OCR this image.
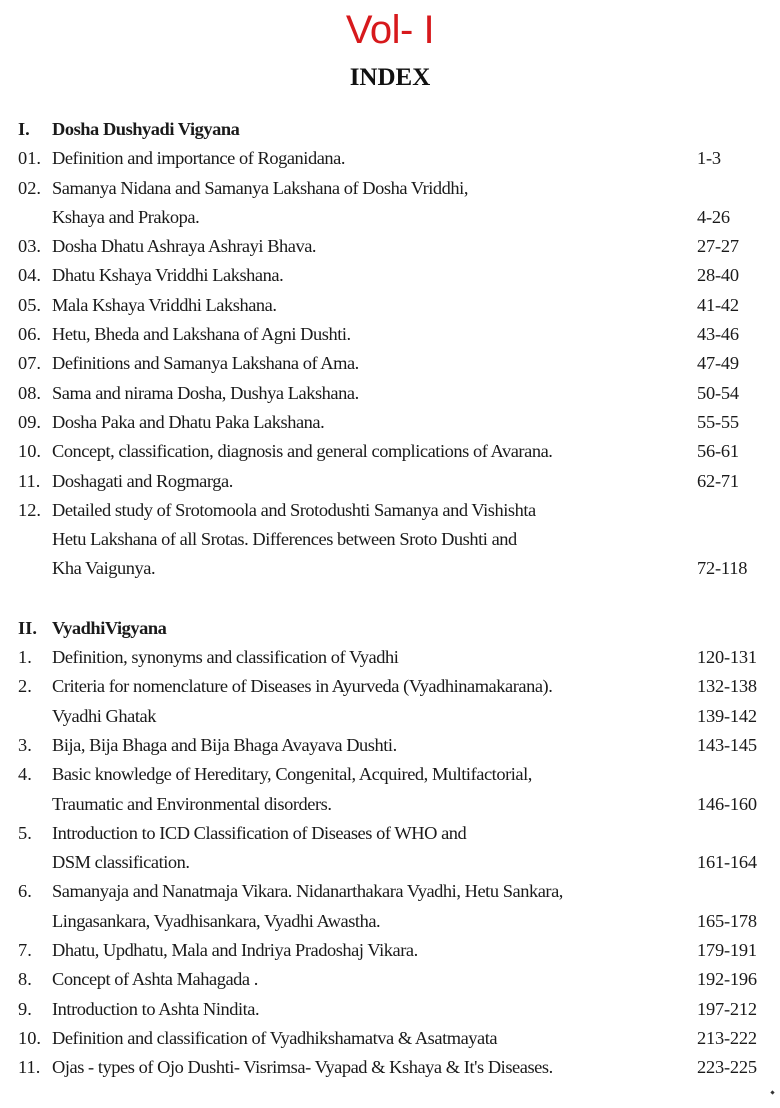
Vol- I
INDEX
I. Dosha Dushyadi Vigyana
01. Definition and importance of Roganidana.	1-3
02. Samanya Nidana and Samanya Lakshana of Dosha Vriddhi,
Kshaya and Prakopa.	4-26
03. Dosha Dhatu Ashraya Ashrayi Bhava.	27-27
04. Dhatu Kshaya Vriddhi Lakshana.	28-40
05. Mala Kshaya Vriddhi Lakshana.	41-42
06. Hetu, Bheda and Lakshana of Agni Dushti.	43-46
07. Definitions and Samanya Lakshana of Ama.	47-49
08. Sama and nirama Dosha, Dushya Lakshana.	50-54
09. Dosha Paka and Dhatu Paka Lakshana.	55-55
10. Concept, classification, diagnosis and general complications of Avarana.	56-61
11. Doshagati and Rogmarga.	62-71
12. Detailed study of Srotomoola and Srotodushti Samanya and Vishishta
Hetu Lakshana of all Srotas. Differences between Sroto Dushti and
Kha Vaigunya.	72-118
II. VyadhiVigyana
1. Definition, synonyms and classification of Vyadhi	120-131
2. Criteria for nomenclature of Diseases in Ayurveda (Vyadhinamakarana).	132-138
Vyadhi Ghatak	139-142
3. Bija, Bija Bhaga and Bija Bhaga Avayava Dushti.	143-145
4. Basic knowledge of Hereditary, Congenital, Acquired, Multifactorial,
Traumatic and Environmental disorders.	146-160
5. Introduction to ICD Classification of Diseases of WHO and
DSM classification.	161-164
6. Samanyaja and Nanatmaja Vikara. Nidanarthakara Vyadhi, Hetu Sankara,
Lingasankara, Vyadhisankara, Vyadhi Awastha.	165-178
7. Dhatu, Updhatu, Mala and Indriya Pradoshaj Vikara.	179-191
8. Concept of Ashta Mahagada .	192-196
9. Introduction to Ashta Nindita.	197-212
10. Definition and classification of Vyadhikshamatva & Asatmayata	213-222
11. Ojas - types of Ojo Dushti- Visrimsa- Vyapad & Kshaya & It's Diseases.	223-225
